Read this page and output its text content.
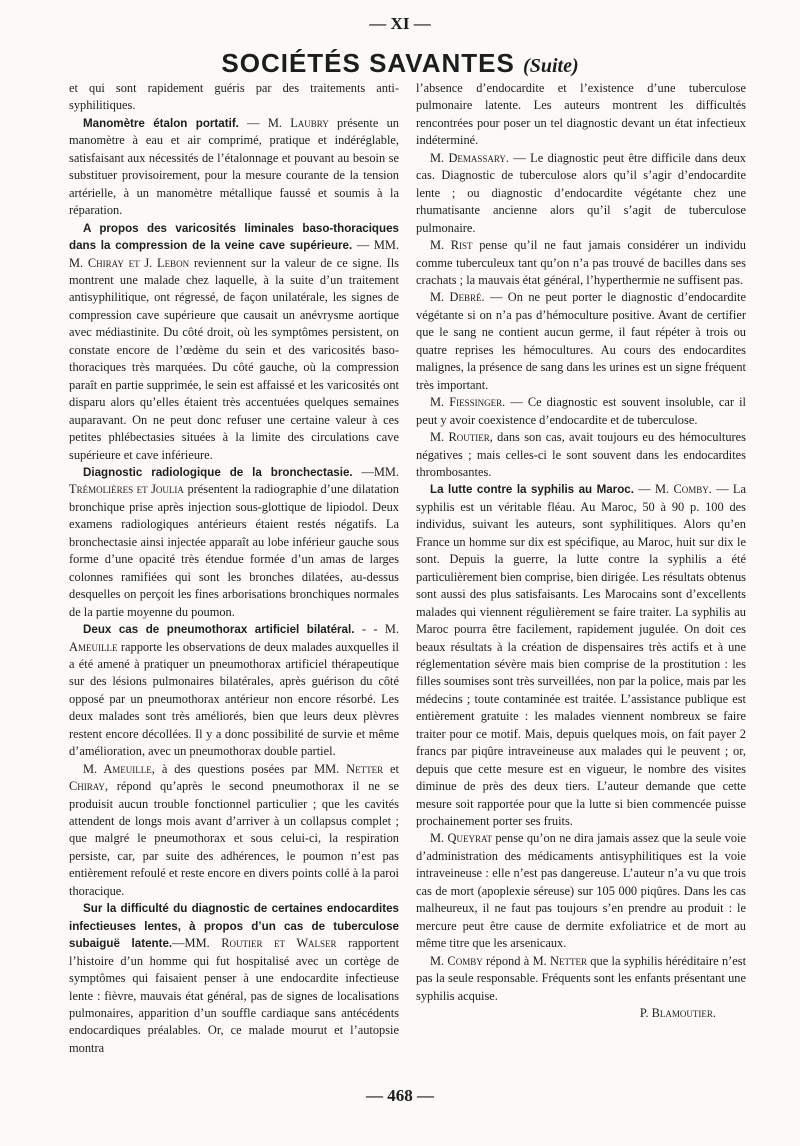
— XI —
SOCIÉTÉS SAVANTES (Suite)

et qui sont rapidement guéris par des traitements anti-syphilitiques.

Manomètre étalon portatif. — M. Laubry présente un manomètre à eau et air comprimé, pratique et indéréglable, satisfaisant aux nécessités de l’étalonnage et pouvant au besoin se substituer provisoirement, pour la mesure courante de la tension artérielle, à un manomètre métallique faussé et soumis à la réparation.

A propos des varicosités liminales baso-thoraciques dans la compression de la veine cave supérieure. — MM. M. Chiray et J. Lebon reviennent sur la valeur de ce signe. Ils montrent une malade chez laquelle, à la suite d’un traitement antisyphilitique, ont régressé, de façon unilatérale, les signes de compression cave supérieure que causait un anévrysme aortique avec médiastinite. Du côté droit, où les symptômes persistent, on constate encore de l’œdème du sein et des varicosités baso-thoraciques très marquées. Du côté gauche, où la compression paraît en partie supprimée, le sein est affaissé et les varicosités ont disparu alors qu’elles étaient très accentuées quelques semaines auparavant. On ne peut donc refuser une certaine valeur à ces petites phlébectasies situées à la limite des circulations cave supérieure et cave inférieure.

Diagnostic radiologique de la bronchectasie. —MM. Trémolières et Joulia présentent la radiographie d’une dilatation bronchique prise après injection sous-glottique de lipiodol. Deux examens radiologiques antérieurs étaient restés négatifs. La bronchectasie ainsi injectée apparaît au lobe inférieur gauche sous forme d’une opacité très étendue formée d’un amas de larges colonnes ramifiées qui sont les bronches dilatées, au-dessus desquelles on perçoit les fines arborisations bronchiques normales de la partie moyenne du poumon.

Deux cas de pneumothorax artificiel bilatéral. - - M. Ameuille rapporte les observations de deux malades auxquelles il a été amené à pratiquer un pneumothorax artificiel thérapeutique sur des lésions pulmonaires bilatérales, après guérison du côté opposé par un pneumothorax antérieur non encore résorbé. Les deux malades sont très améliorés, bien que leurs deux plèvres restent encore décollées. Il y a donc possibilité de survie et même d’amélioration, avec un pneumothorax double partiel.

M. Ameuille, à des questions posées par MM. Netter et Chiray, répond qu’après le second pneumothorax il ne se produisit aucun trouble fonctionnel particulier ; que les cavités attendent de longs mois avant d’arriver à un collapsus complet ; que malgré le pneumothorax et sous celui-ci, la respiration persiste, car, par suite des adhérences, le poumon n’est pas entièrement refoulé et reste encore en divers points collé à la paroi thoracique.

Sur la difficulté du diagnostic de certaines endocardites infectieuses lentes, à propos d’un cas de tuberculose subaiguë latente.—MM. Routier et Walser rapportent l’histoire d’un homme qui fut hospitalisé avec un cortège de symptômes qui faisaient penser à une endocardite infectieuse lente : fièvre, mauvais état général, pas de signes de localisations pulmonaires, apparition d’un souffle cardiaque sans antécédents endocardiques préalables. Or, ce malade mourut et l’autopsie montra

l’absence d’endocardite et l’existence d’une tuberculose pulmonaire latente. Les auteurs montrent les difficultés rencontrées pour poser un tel diagnostic devant un état infectieux indéterminé.

M. Demassary. — Le diagnostic peut être difficile dans deux cas. Diagnostic de tuberculose alors qu’il s’agir d’endocardite lente ; ou diagnostic d’endocardite végétante chez une rhumatisante ancienne alors qu’il s’agit de tuberculose pulmonaire.

M. Rist pense qu’il ne faut jamais considérer un individu comme tuberculeux tant qu’on n’a pas trouvé de bacilles dans ses crachats ; la mauvais état général, l’hyperthermie ne suffisent pas.

M. Debré. — On ne peut porter le diagnostic d’endocardite végétante si on n’a pas d’hémoculture positive. Avant de certifier que le sang ne contient aucun germe, il faut répéter à trois ou quatre reprises les hémocultures. Au cours des endocardites malignes, la présence de sang dans les urines est un signe fréquent très important.

M. Fiessinger. — Ce diagnostic est souvent insoluble, car il peut y avoir coexistence d’endocardite et de tuberculose.

M. Routier, dans son cas, avait toujours eu des hémocultures négatives ; mais celles-ci le sont souvent dans les endocardites thrombosantes.

La lutte contre la syphilis au Maroc. — M. Comby. — La syphilis est un véritable fléau. Au Maroc, 50 à 90 p. 100 des individus, suivant les auteurs, sont syphilitiques. Alors qu’en France un homme sur dix est spécifique, au Maroc, huit sur dix le sont. Depuis la guerre, la lutte contre la syphilis a été particulièrement bien comprise, bien dirigée. Les résultats obtenus sont aussi des plus satisfaisants. Les Marocains sont d’excellents malades qui viennent régulièrement se faire traiter. La syphilis au Maroc pourra être facilement, rapidement jugulée. On doit ces beaux résultats à la création de dispensaires très actifs et à une réglementation sévère mais bien comprise de la prostitution : les filles soumises sont très surveillées, non par la police, mais par les médecins ; toute contaminée est traitée. L’assistance publique est entièrement gratuite : les malades viennent nombreux se faire traiter pour ce motif. Mais, depuis quelques mois, on fait payer 2 francs par piqûre intraveineuse aux malades qui le peuvent ; or, depuis que cette mesure est en vigueur, le nombre des visites diminue de près des deux tiers. L’auteur demande que cette mesure soit rapportée pour que la lutte si bien commencée puisse prochainement porter ses fruits.

M. Queyrat pense qu’on ne dira jamais assez que la seule voie d’administration des médicaments antisyphilitiques est la voie intraveineuse : elle n’est pas dangereuse. L’auteur n’a vu que trois cas de mort (apoplexie séreuse) sur 105 000 piqûres. Dans les cas malheureux, il ne faut pas toujours s’en prendre au produit : le mercure peut être cause de dermite exfoliatrice et de mort au même titre que les arsenicaux.

M. Comby répond à M. Netter que la syphilis héréditaire n’est pas la seule responsable. Fréquents sont les enfants présentant une syphilis acquise.

P. Blamoutier.

— 468 —
